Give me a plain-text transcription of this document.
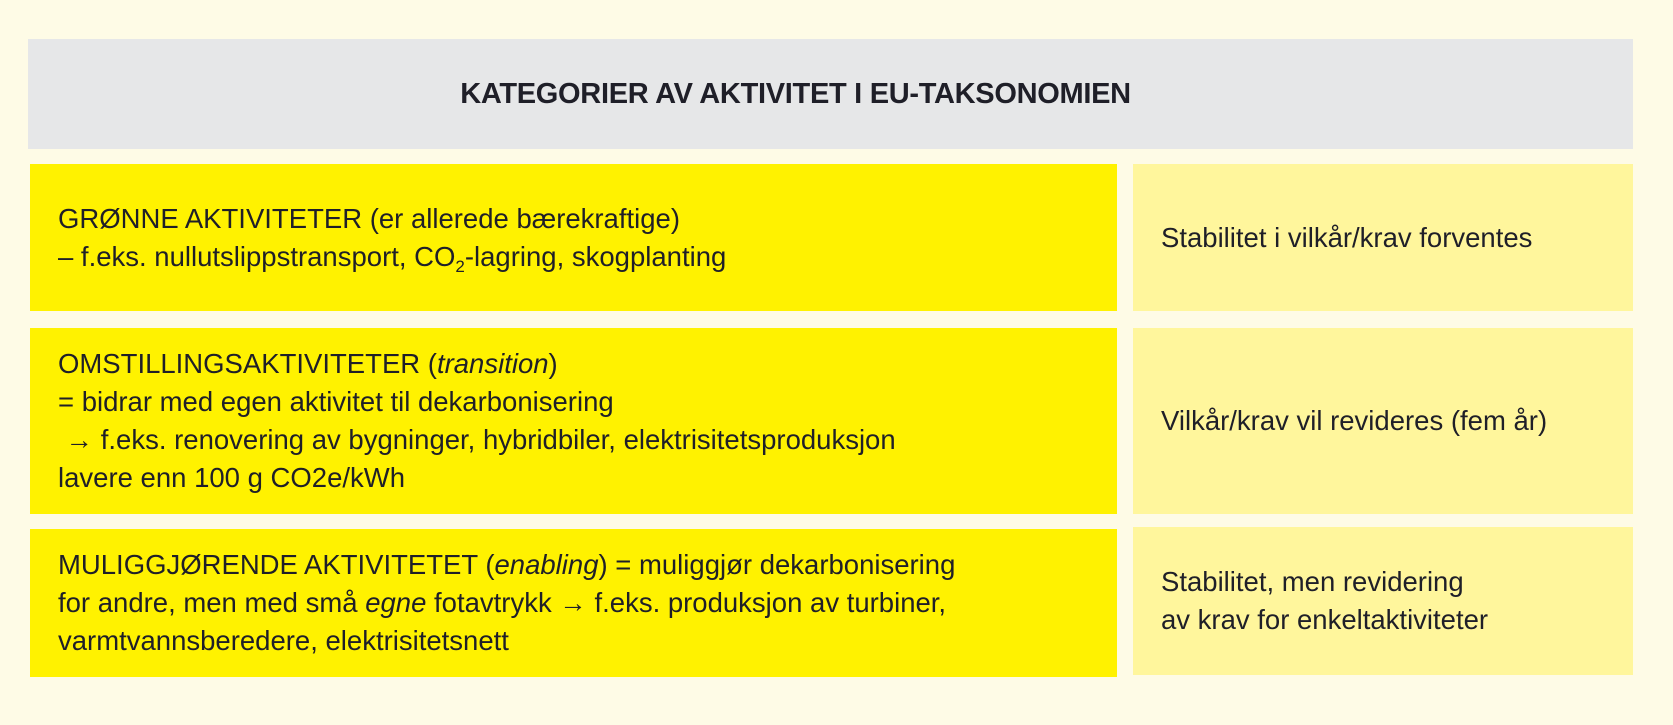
KATEGORIER AV AKTIVITET I EU-TAKSONOMIEN
GRØNNE AKTIVITETER (er allerede bærekraftige)
– f.eks. nullutslippstransport, $CO_2$-lagring, skogplanting
Stabilitet i vilkår/krav forventes
OMSTILLINGSAKTIVITETER (transition)
= bidrar med egen aktivitet til dekarbonisering
→ f.eks. renovering av bygninger, hybridbiler, elektrisitetsproduksjon
lavere enn 100 g CO2e/kWh
Vilkår/krav vil revideres (fem år)
MULIGGJØRENDE AKTIVITETET (enabling) = muliggjør dekarbonisering
for andre, men med små egne fotavtrykk → f.eks. produksjon av turbiner,
varmtvannsberedere, elektrisitetsnett
Stabilitet, men revidering
av krav for enkeltaktiviteter
